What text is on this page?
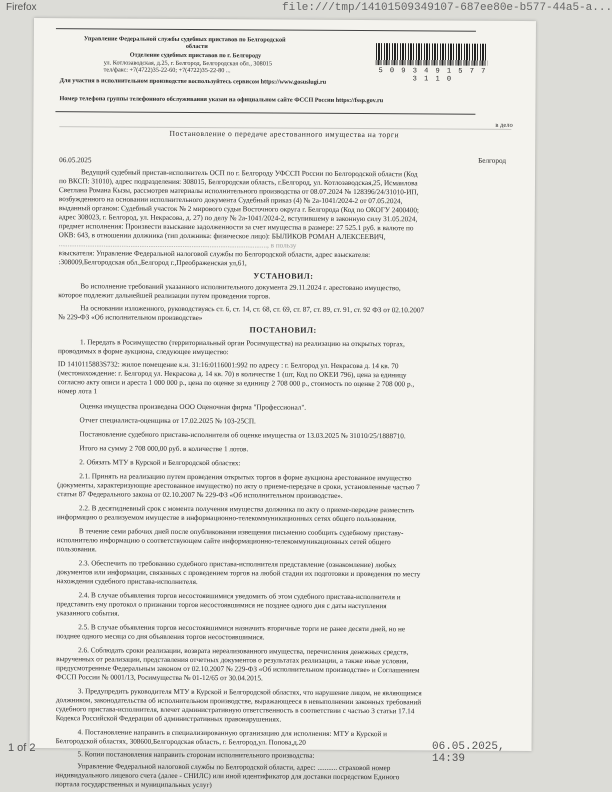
Firefox	file:///tmp/14101509349107-687ee80e-b577-44a5-a...
Управление Федеральной службы судебных приставов по Белгородской
области
Отделение судебных приставов по г. Белгороду
ул. Котлозаводская, д.25, г. Белгород, Белгородская обл., 308015
тел/факс: +7(4722)35-22-60; +7(4722)35-22-80 ...
Для участия в исполнительном производстве воспользуйтесь сервисом https://www.gosuslugi.ru
Номер телефона группы телефонного обслуживания указан на официальном сайте ФССП России https://fssp.gov.ru
5 0 9 3 4 9 1 5 7 7 3 1 1 0
в дело
Постановление о передаче арестованного имущества на торги
06.05.2025	Белгород
Ведущий судебный пристав-исполнитель ОСП по г. Белгороду УФССП России по Белгородской области (Код
по ВКСП: 31010), адрес подразделения: 308015, Белгородская область, г.Белгород, ул. Котлозаводская,25, Исмаилова
Светлана Романа Кызы, рассмотрев материалы исполнительного производства от 08.07.2024 № 128396/24/31010-ИП,
возбужденного на основании исполнительного документа Судебный приказ (4) № 2а-1041/2024-2 от 07.05.2024,
выданный органом: Судебный участок № 2 мирового судьи Восточного округа г. Белгорода (Код по ОКОГУ 2400400;
адрес 308023, г. Белгород, ул. Некрасова, д. 27) по делу № 2а-1041/2024-2, вступившему в законную силу 31.05.2024,
предмет исполнения: Произвести взыскание задолженности за счет имущества в размере: 27 525.1 руб. в валюте по
ОКВ: 643, в отношении должника (тип должника: физическое лицо): БЫЛИКОВ РОМАН АЛЕКСЕЕВИЧ,
...................................................................................................................., в пользу
взыскателя: Управление Федеральной налоговой службы по Белгородской области, адрес взыскателя:
:308009,Белгородская обл.,Белгород г.,Преображенская ул,61,
УСТАНОВИЛ:
Во исполнение требований указанного исполнительного документа 29.11.2024 г. арестовано имущество,
которое подлежит дальнейшей реализации путем проведения торгов.
На основании изложенного, руководствуясь ст. 6, ст. 14, ст. 68, ст. 69, ст. 87, ст. 89, ст. 91, ст. 92 ФЗ от 02.10.2007
№ 229-ФЗ «Об исполнительном производстве»
ПОСТАНОВИЛ:
1. Передать в Росимущество (территориальный орган Росимущества) на реализацию на открытых торгах,
проводимых в форме аукциона, следующее имущество:
ID 1410115883S732: жилое помещение к.н. 31:16:0116001:992 по адресу : г. Белгород ул. Некрасова д. 14 кв. 70
(местонахождение: г. Белгород ул. Некрасова д. 14 кв. 70) в количестве 1 (шт, Код по ОКЕИ 796), цена за единицу
согласно акту описи и ареста 1 000 000 р., цена по оценке за единицу 2 708 000 р., стоимость по оценке 2 708 000 р.,
номер лота 1
Оценка имущества произведена ООО Оценочная фирма "Профессионал".
Отчет специалиста-оценщика от 17.02.2025 № 103-25СП.
Постановление судебного пристава-исполнителя об оценке имущества от 13.03.2025 № 31010/25/1888710.
Итого на сумму 2 708 000,00 руб. в количестве 1 лотов.
2. Обязать МТУ в Курской и Белгородской областях:
2.1. Принять на реализацию путем проведения открытых торгов в форме аукциона арестованное имущество
(документы, характеризующие арестованное имущество) по акту о приеме-передаче в сроки, установленные частью 7
статьи 87 Федерального закона от 02.10.2007 № 229-ФЗ «Об исполнительном производстве».
2.2. В десятидневный срок с момента получения имущества должника по акту о приеме-передаче разместить
информацию о реализуемом имуществе в информационно-телекоммуникационных сетях общего пользования.
В течение семи рабочих дней после опубликования извещения письменно сообщить судебному приставу-
исполнителю информацию о соответствующем сайте информационно-телекоммуникационных сетей общего
пользования.
2.3. Обеспечить по требованию судебного пристава-исполнителя представление (ознакомление) любых
документов или информации, связанных с проведением торгов на любой стадии их подготовки и проведения по месту
нахождения судебного пристава-исполнителя.
2.4. В случае объявления торгов несостоявшимися уведомить об этом судебного пристава-исполнителя и
представить ему протокол о признании торгов несостоявшимися не позднее одного дня с даты наступления
указанного события.
2.5. В случае объявления торгов несостоявшимися назначить вторичные торги не ранее десяти дней, но не
позднее одного месяца со дня объявления торгов несостоявшимися.
2.6. Соблюдать сроки реализации, возврата нереализованного имущества, перечисления денежных средств,
вырученных от реализации, представления отчетных документов о результатах реализации, а также иные условия,
предусмотренные Федеральным законом от 02.10.2007 № 229-ФЗ «Об исполнительном производстве» и Соглашением
ФССП России № 0001/13, Росимущества № 01-12/65 от 30.04.2015.
3. Предупредить руководителя МТУ в Курской и Белгородской областях, что нарушение лицом, не являющимся
должником, законодательства об исполнительном производстве, выражающееся в невыполнении законных требований
судебного пристава-исполнителя, влечет административную ответственность в соответствии с частью 3 статьи 17.14
Кодекса Российской Федерации об административных правонарушениях.
4. Постановление направить в специализированную организацию для исполнения: МТУ в Курской и
Белгородской областях, 308600,Белгородская область, г. Белгород,ул. Попова,д.20
5. Копии постановления направить сторонам исполнительного производства:
Управление Федеральной налоговой службы по Белгородской области, адрес: ........... страховой номер
индивидуального лицевого счета (далее - СНИЛС) или иной идентификатор для доставки посредством Единого
портала государственных и муниципальных услуг)
1 of 2	06.05.2025, 14:39
